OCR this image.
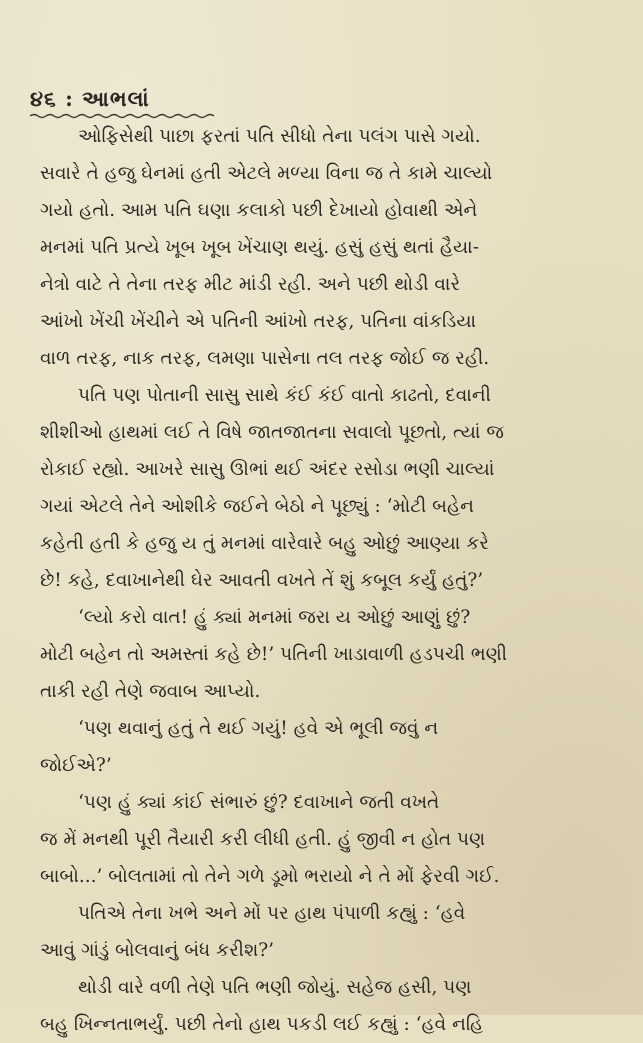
૪૬ : આભલાં
ઓફિસેથી પાછા ફરતાં પતિ સીધો તેના પલંગ પાસે ગયો.
સવારે તે હજુ ઘેનમાં હતી એટલે મળ્યા વિના જ તે કામે ચાલ્યો
ગયો હતો. આમ પતિ ઘણા કલાકો પછી દેખાયો હોવાથી એને
મનમાં પતિ પ્રત્યે ખૂબ ખૂબ ખેંચાણ થયું. હસું હસું થતાં હૈયા-
નેત્રો વાટે તે તેના તરફ મીટ માંડી રહી. અને પછી થોડી વારે
આંખો ખેંચી ખેંચીને એ પતિની આંખો તરફ, પતિના વાંકડિયા
વાળ તરફ, નાક તરફ, લમણા પાસેના તલ તરફ જોઈ જ રહી.
પતિ પણ પોતાની સાસુ સાથે કંઈ કંઈ વાતો કાઢતો, દવાની
શીશીઓ હાથમાં લઈ તે વિષે જાતજાતના સવાલો પૂછતો, ત્યાં જ
રોકાઈ રહ્યો. આખરે સાસુ ઊભાં થઈ અંદર રસોડા ભણી ચાલ્યાં
ગયાં એટલે તેને ઓશીકે જઈને બેઠો ને પૂછ્યું : ‘મોટી બહેન
કહેતી હતી કે હજુ ય તું મનમાં વારેવારે બહુ ઓછું આણ્યા કરે
છે! કહે, દવાખાનેથી ઘેર આવતી વખતે તેં શું કબૂલ કર્યું હતું?’
‘લ્યો કરો વાત! હું ક્યાં મનમાં જરા ય ઓછું આણું છું?
મોટી બહેન તો અમસ્તાં કહે છે!’ પતિની ખાડાવાળી હડપચી ભણી
તાકી રહી તેણે જવાબ આપ્યો.
‘પણ થવાનું હતું તે થઈ ગયું! હવે એ ભૂલી જવું ન
જોઈએ?’
‘પણ હું ક્યાં કાંઈ સંભારું છું? દવાખાને જતી વખતે
જ મેં મનથી પૂરી તૈયારી કરી લીધી હતી. હું જીવી ન હોત પણ
બાબો...’ બોલતામાં તો તેને ગળે ડૂમો ભરાયો ને તે મોં ફેરવી ગઈ.
પતિએ તેના ખભે અને મોં પર હાથ પંપાળી કહ્યું : ‘હવે
આવું ગાંડું બોલવાનું બંધ કરીશ?’
થોડી વારે વળી તેણે પતિ ભણી જોયું. સહેજ હસી, પણ
બહુ ખિન્નતાભર્યું. પછી તેનો હાથ પકડી લઈ કહ્યું : ‘હવે નહિ
